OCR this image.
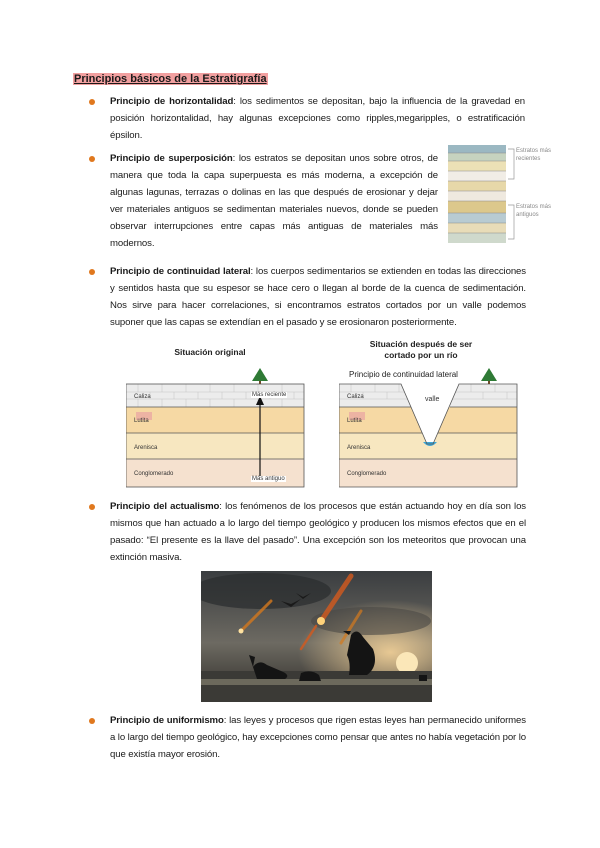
Principios básicos de la Estratigrafía
Principio de horizontalidad: los sedimentos se depositan, bajo la influencia de la gravedad en posición horizontalidad, hay algunas excepciones como ripples,megaripples, o estratificación épsilon.
Principio de superposición: los estratos se depositan unos sobre otros, de manera que toda la capa superpuesta es más moderna, a excepción de algunas lagunas, terrazas o dolinas en las que después de erosionar y dejar ver materiales antiguos se sedimentan materiales nuevos, donde se pueden observar interrupciones entre capas más antiguas de materiales más modernos.
Estratos más recientes
Estratos más antiguos
Principio de continuidad lateral: los cuerpos sedimentarios se extienden en todas las direcciones y sentidos hasta que su espesor se hace cero o llegan al borde de la cuenca de sedimentación. Nos sirve para hacer correlaciones, si encontramos estratos cortados por un valle podemos suponer que las capas se extendían en el pasado y se erosionaron posteriormente.
Situación original
Situación después de ser cortado por un río
Principio de continuidad lateral
Caliza
Lutita
Arenisca
Conglomerado
Más reciente
Más antiguo
Caliza
Lutita
Arenisca
Conglomerado
valle
Principio del actualismo: los fenómenos de los procesos que están actuando hoy en día son los mismos que han actuado a lo largo del tiempo geológico y producen los mismos efectos que en el pasado: “El presente es la llave del pasado”. Una excepción son los meteoritos que provocan una extinción masiva.
Principio de uniformismo: las leyes y procesos que rigen estas leyes han permanecido uniformes a lo largo del tiempo geológico, hay excepciones como pensar que antes no había vegetación por lo que existía mayor erosión.
